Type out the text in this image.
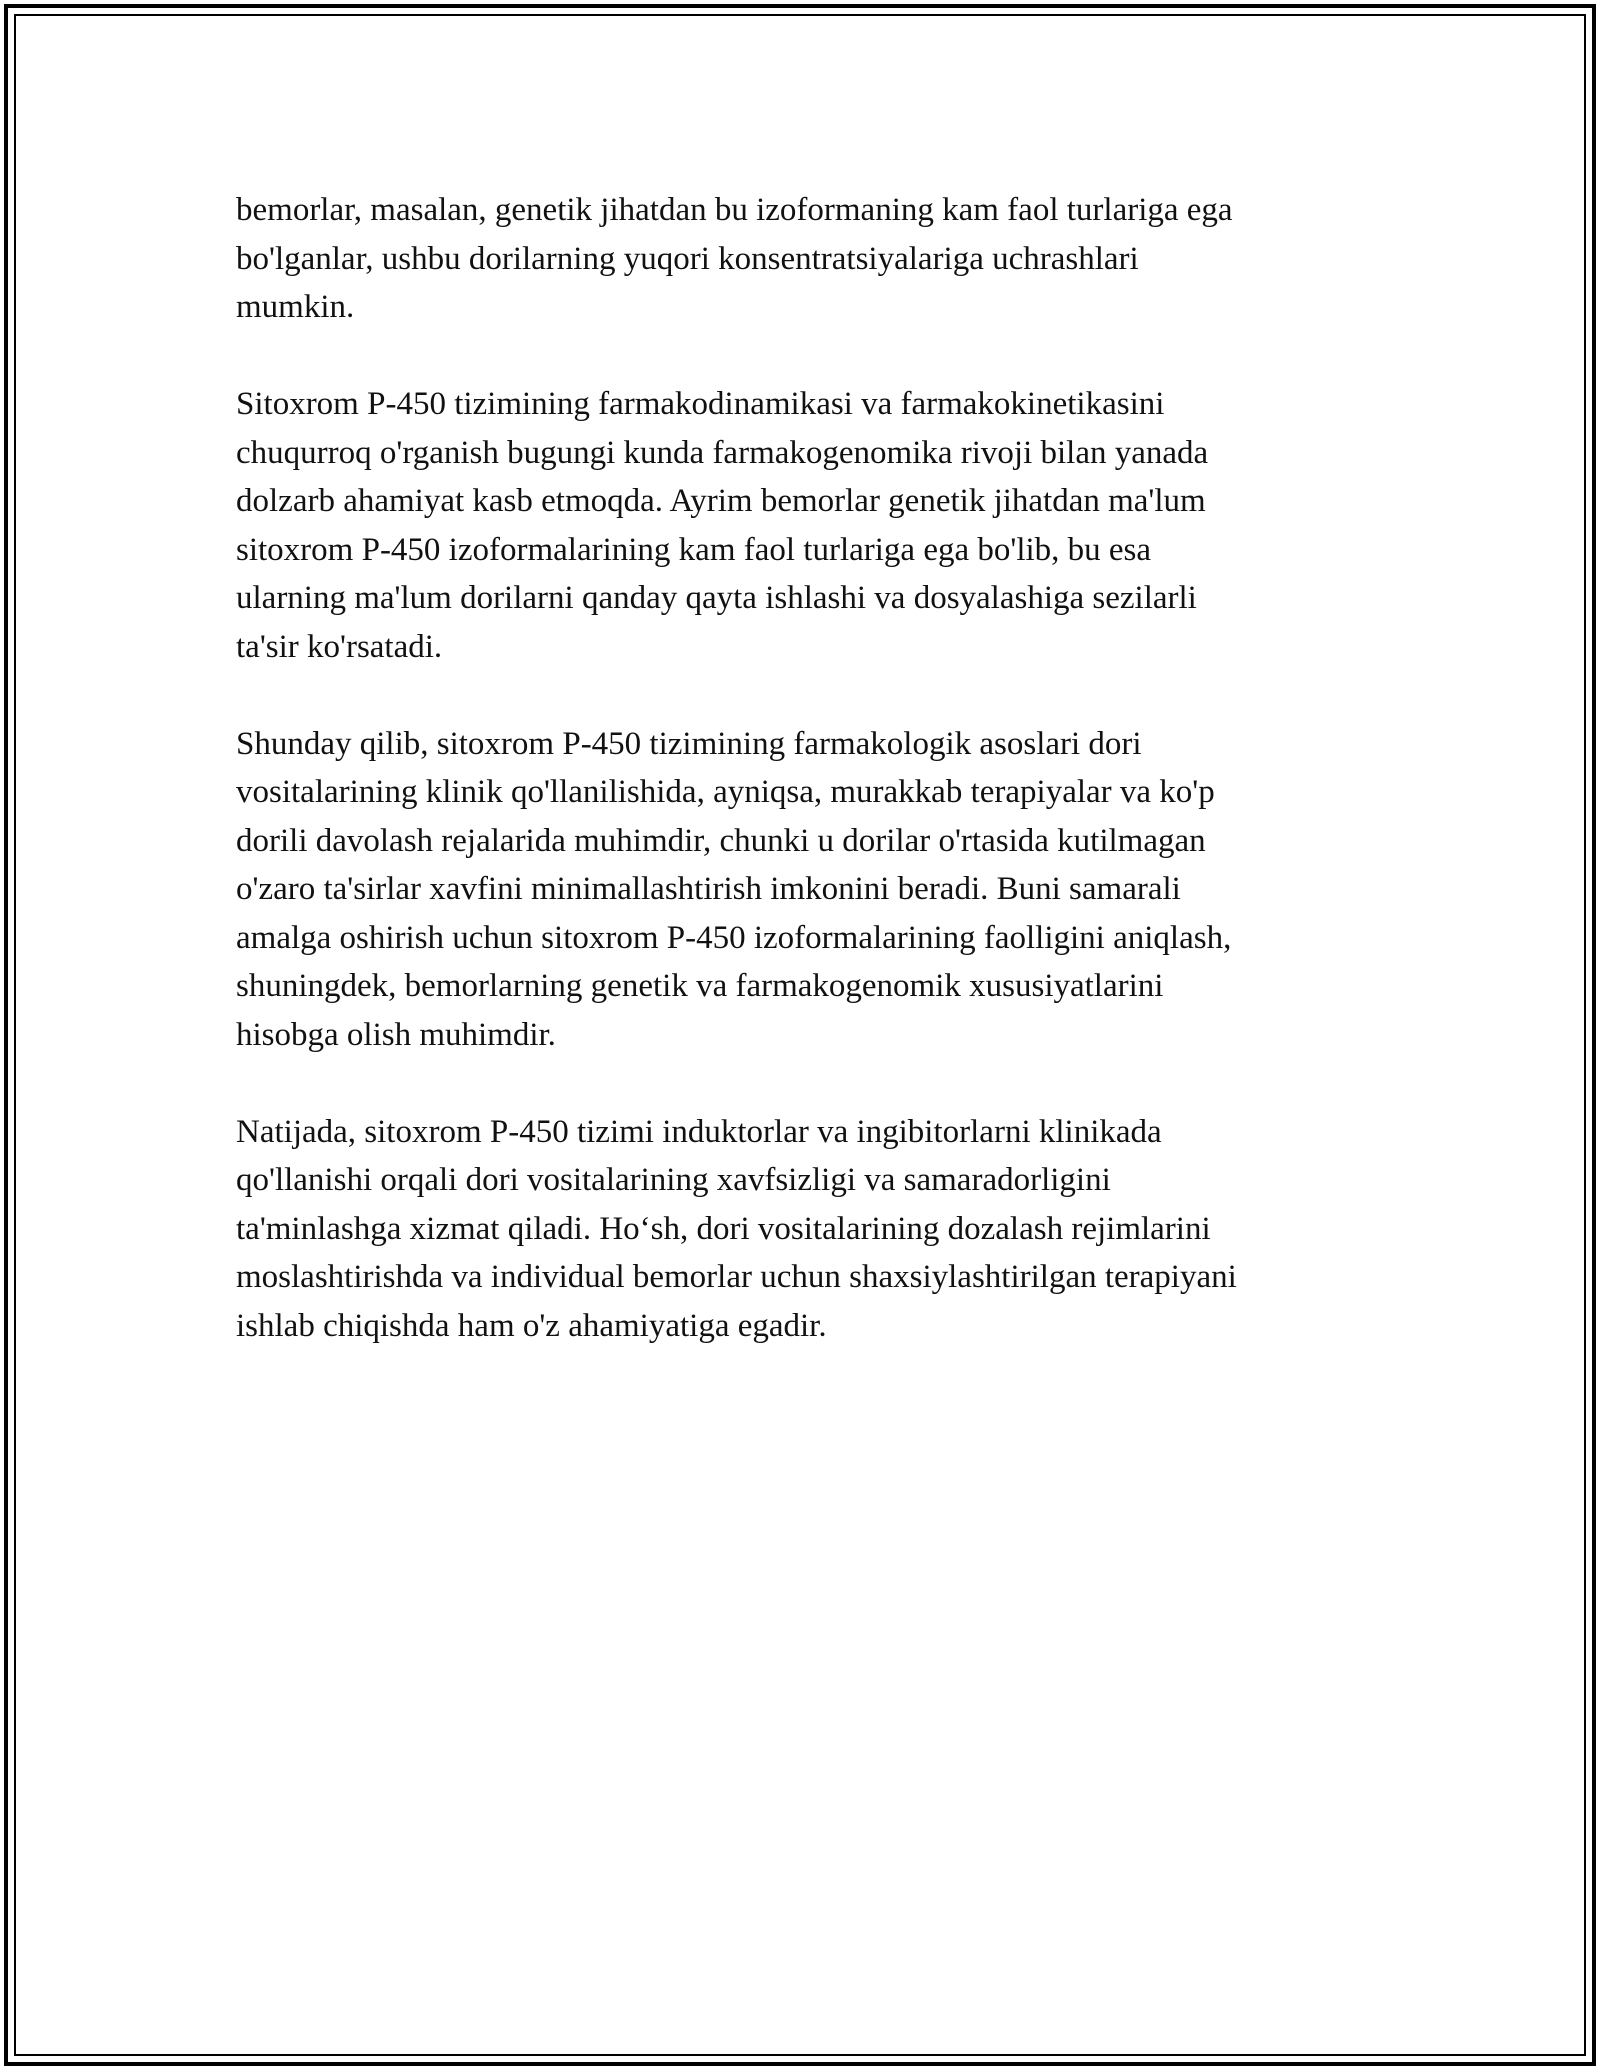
bemorlar, masalan, genetik jihatdan bu izoformaning kam faol turlariga ega
bo'lganlar, ushbu dorilarning yuqori konsentratsiyalariga uchrashlari
mumkin.

Sitoxrom P-450 tizimining farmakodinamikasi va farmakokinetikasini
chuqurroq o'rganish bugungi kunda farmakogenomika rivoji bilan yanada
dolzarb ahamiyat kasb etmoqda. Ayrim bemorlar genetik jihatdan ma'lum
sitoxrom P-450 izoformalarining kam faol turlariga ega bo'lib, bu esa
ularning ma'lum dorilarni qanday qayta ishlashi va dosyalashiga sezilarli
ta'sir ko'rsatadi.

Shunday qilib, sitoxrom P-450 tizimining farmakologik asoslari dori
vositalarining klinik qo'llanilishida, ayniqsa, murakkab terapiyalar va ko'p
dorili davolash rejalarida muhimdir, chunki u dorilar o'rtasida kutilmagan
o'zaro ta'sirlar xavfini minimallashtirish imkonini beradi. Buni samarali
amalga oshirish uchun sitoxrom P-450 izoformalarining faolligini aniqlash,
shuningdek, bemorlarning genetik va farmakogenomik xususiyatlarini
hisobga olish muhimdir.

Natijada, sitoxrom P-450 tizimi induktorlar va ingibitorlarni klinikada
qo'llanishi orqali dori vositalarining xavfsizligi va samaradorligini
ta'minlashga xizmat qiladi. Ho‘sh, dori vositalarining dozalash rejimlarini
moslashtirishda va individual bemorlar uchun shaxsiylashtirilgan terapiyani
ishlab chiqishda ham o'z ahamiyatiga egadir.
